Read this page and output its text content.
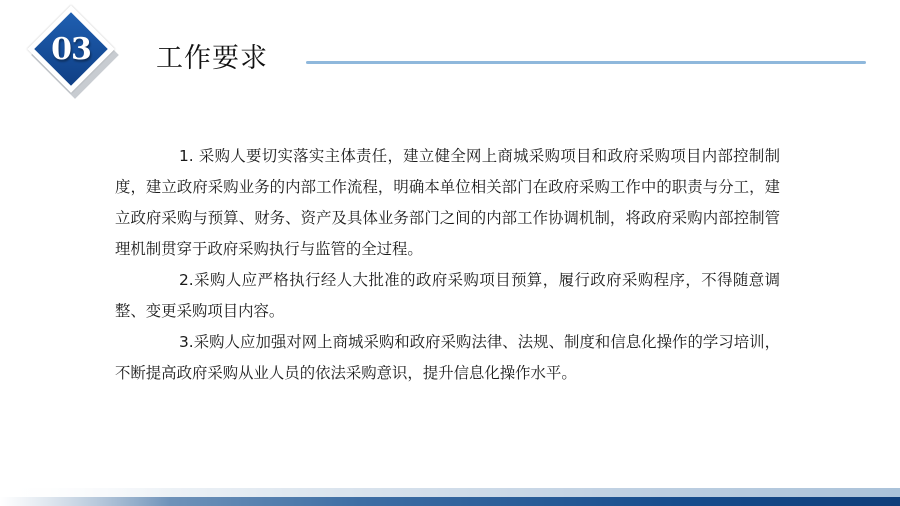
03	工作要求

1. 采购人要切实落实主体责任，建立健全网上商城采购项目和政府采购项目内部控制制度，建立政府采购业务的内部工作流程，明确本单位相关部门在政府采购工作中的职责与分工，建立政府采购与预算、财务、资产及具体业务部门之间的内部工作协调机制，将政府采购内部控制管理机制贯穿于政府采购执行与监管的全过程。

2.采购人应严格执行经人大批准的政府采购项目预算，履行政府采购程序，不得随意调整、变更采购项目内容。

3.采购人应加强对网上商城采购和政府采购法律、法规、制度和信息化操作的学习培训，不断提高政府采购从业人员的依法采购意识，提升信息化操作水平。
